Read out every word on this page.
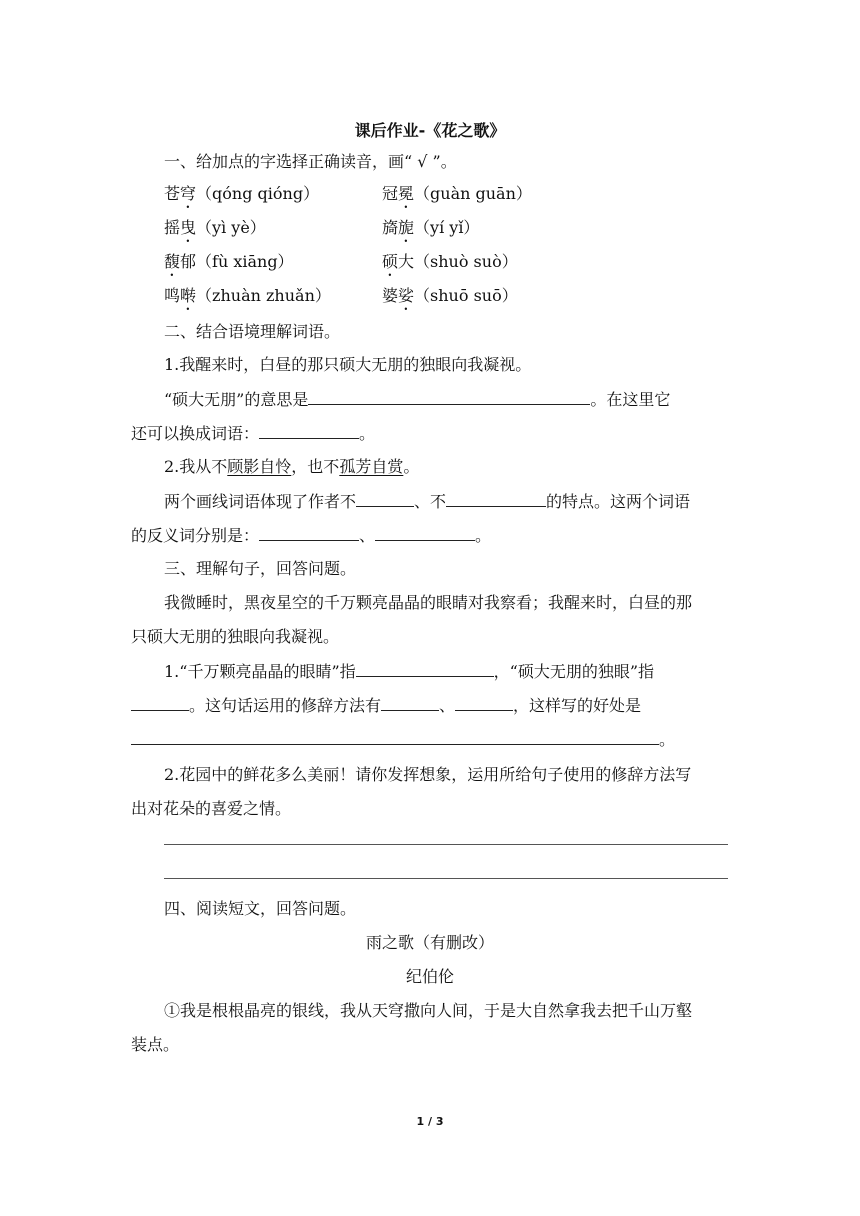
课后作业-《花之歌》
一、给加点的字选择正确读音，画“ √ ”。
苍穹（qóng qióng）	冠冕（guàn guān）
摇曳（yì yè）	旖旎（yí yǐ）
馥郁（fù xiāng）	硕大（shuò suò）
鸣啭（zhuàn zhuǎn）	婆娑（shuō suō）
二、结合语境理解词语。
1.我醒来时，白昼的那只硕大无朋的独眼向我凝视。
“硕大无朋”的意思是	。在这里它
还可以换成词语：	。
2.我从不顾影自怜，也不孤芳自赏。
两个画线词语体现了作者不	、不	的特点。这两个词语
的反义词分别是：	、	。
三、理解句子，回答问题。
我微睡时，黑夜星空的千万颗亮晶晶的眼睛对我察看；我醒来时，白昼的那
只硕大无朋的独眼向我凝视。
1.“千万颗亮晶晶的眼睛”指	，“硕大无朋的独眼”指
。这句话运用的修辞方法有	、	，这样写的好处是
。
2.花园中的鲜花多么美丽！请你发挥想象，运用所给句子使用的修辞方法写
出对花朵的喜爱之情。
四、阅读短文，回答问题。
雨之歌（有删改）
纪伯伦
①我是根根晶亮的银线，我从天穹撒向人间，于是大自然拿我去把千山万壑
装点。
1 / 3
